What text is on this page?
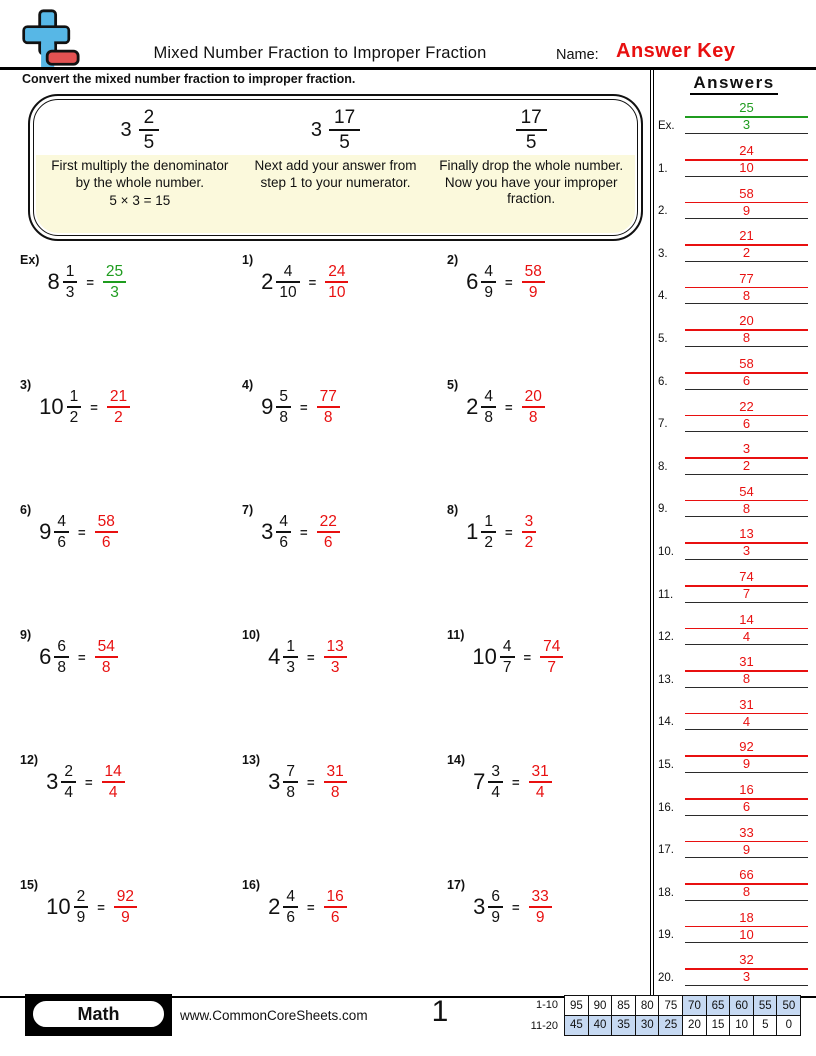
Mixed Number Fraction to Improper Fraction	Name: Answer Key
Convert the mixed number fraction to improper fraction.
$3 \frac{2}{5}$
First multiply the denominator by the whole number.
5 × 3 = 15
$3 \frac{17}{5}$
Next add your answer from step 1 to your numerator.
$\frac{17}{5}$
Finally drop the whole number. Now you have your improper fraction.
Ex)
$8 \frac{1}{3} = \frac{25}{3}$
1)
$2 \frac{4}{10} = \frac{24}{10}$
2)
$6 \frac{4}{9} = \frac{58}{9}$
3)
$10 \frac{1}{2} = \frac{21}{2}$
4)
$9 \frac{5}{8} = \frac{77}{8}$
5)
$2 \frac{4}{8} = \frac{20}{8}$
6)
$9 \frac{4}{6} = \frac{58}{6}$
7)
$3 \frac{4}{6} = \frac{22}{6}$
8)
$1 \frac{1}{2} = \frac{3}{2}$
9)
$6 \frac{6}{8} = \frac{54}{8}$
10)
$4 \frac{1}{3} = \frac{13}{3}$
11)
$10 \frac{4}{7} = \frac{74}{7}$
12)
$3 \frac{2}{4} = \frac{14}{4}$
13)
$3 \frac{7}{8} = \frac{31}{8}$
14)
$7 \frac{3}{4} = \frac{31}{4}$
15)
$10 \frac{2}{9} = \frac{92}{9}$
16)
$2 \frac{4}{6} = \frac{16}{6}$
17)
$3 \frac{6}{9} = \frac{33}{9}$
Answers
Ex.
25
3
1.
24
10
2.
58
9
3.
21
2
4.
77
8
5.
20
8
6.
58
6
7.
22
6
8.
3
2
9.
54
8
10.
13
3
11.
74
7
12.
14
4
13.
31
8
14.
31
4
15.
92
9
16.
16
6
17.
33
9
18.
66
8
19.
18
10
20.
32
3
Math	www.CommonCoreSheets.com	1	1-10
11-20
95 90 85 80 75 70 65 60 55 50
45 40 35 30 25 20 15 10	5	0
